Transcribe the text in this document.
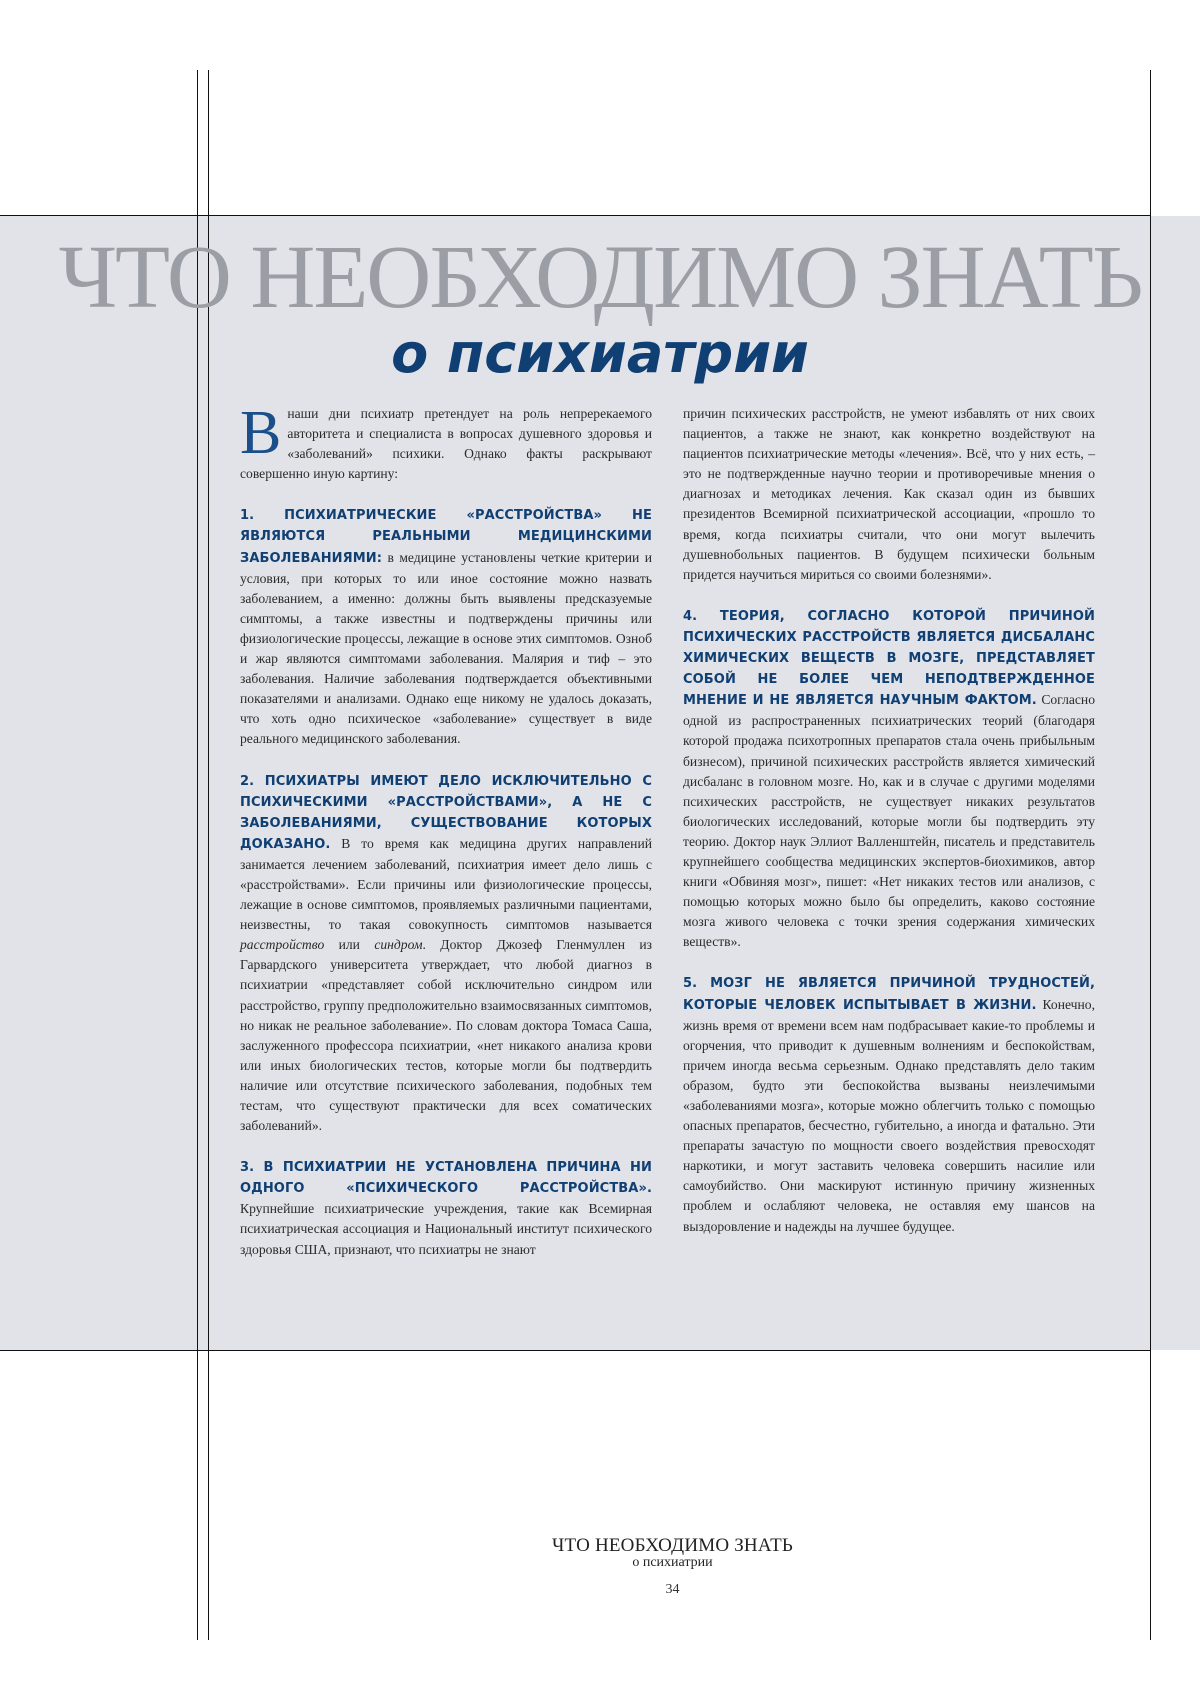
ЧТО НЕОБХОДИМО ЗНАТЬ
о психиатрии

Внаши дни психиатр претендует на роль непререкаемого авторитета и специалиста в вопросах душевного здоровья и «заболеваний» психики. Однако факты раскрывают совершенно иную картину:

1. ПСИХИАТРИЧЕСКИЕ «РАССТРОЙСТВА» НЕ ЯВЛЯЮТСЯ РЕАЛЬНЫМИ МЕДИЦИНСКИМИ ЗАБОЛЕВАНИЯМИ: в медицине установлены четкие критерии и условия, при которых то или иное состояние можно назвать заболеванием, а именно: должны быть выявлены предсказуемые симптомы, а также известны и подтверждены причины или физиологические процессы, лежащие в основе этих симптомов. Озноб и жар являются симптомами заболевания. Малярия и тиф – это заболевания. Наличие заболевания подтверждается объективными показателями и анализами. Однако еще никому не удалось доказать, что хоть одно психическое «заболевание» существует в виде реального медицинского заболевания.

2. ПСИХИАТРЫ ИМЕЮТ ДЕЛО ИСКЛЮЧИТЕЛЬНО С ПСИХИЧЕСКИМИ «РАССТРОЙСТВАМИ», А НЕ С ЗАБОЛЕВАНИЯМИ, СУЩЕСТВОВАНИЕ КОТОРЫХ ДОКАЗАНО. В то время как медицина других направлений занимается лечением заболеваний, психиатрия имеет дело лишь с «расстройствами». Если причины или физиологические процессы, лежащие в основе симптомов, проявляемых различными пациентами, неизвестны, то такая совокупность симптомов называется расстройство или синдром. Доктор Джозеф Гленмуллен из Гарвардского университета утверждает, что любой диагноз в психиатрии «представляет собой исключительно синдром или расстройство, группу предположительно взаимосвязанных симптомов, но никак не реальное заболевание». По словам доктора Томаса Саша, заслуженного профессора психиатрии, «нет никакого анализа крови или иных биологических тестов, которые могли бы подтвердить наличие или отсутствие психического заболевания, подобных тем тестам, что существуют практически для всех соматических заболеваний».

3. В ПСИХИАТРИИ НЕ УСТАНОВЛЕНА ПРИЧИНА НИ ОДНОГО «ПСИХИЧЕСКОГО РАССТРОЙСТВА». Крупнейшие психиатрические учреждения, такие как Всемирная психиатрическая ассоциация и Национальный институт психического здоровья США, признают, что психиатры не знают

причин психических расстройств, не умеют избавлять от них своих пациентов, а также не знают, как конкретно воздействуют на пациентов психиатрические методы «лечения». Всё, что у них есть, – это не подтвержденные научно теории и противоречивые мнения о диагнозах и методиках лечения. Как сказал один из бывших президентов Всемирной психиатрической ассоциации, «прошло то время, когда психиатры считали, что они могут вылечить душевнобольных пациентов. В будущем психически больным придется научиться мириться со своими болезнями».

4. ТЕОРИЯ, СОГЛАСНО КОТОРОЙ ПРИЧИНОЙ ПСИХИЧЕСКИХ РАССТРОЙСТВ ЯВЛЯЕТСЯ ДИСБАЛАНС ХИМИЧЕСКИХ ВЕЩЕСТВ В МОЗГЕ, ПРЕДСТАВЛЯЕТ СОБОЙ НЕ БОЛЕЕ ЧЕМ НЕПОДТВЕРЖДЕННОЕ МНЕНИЕ И НЕ ЯВЛЯЕТСЯ НАУЧНЫМ ФАКТОМ. Согласно одной из распространенных психиатрических теорий (благодаря которой продажа психотропных препаратов стала очень прибыльным бизнесом), причиной психических расстройств является химический дисбаланс в головном мозге. Но, как и в случае с другими моделями психических расстройств, не существует никаких результатов биологических исследований, которые могли бы подтвердить эту теорию. Доктор наук Эллиот Валленштейн, писатель и представитель крупнейшего сообщества медицинских экспертов-биохимиков, автор книги «Обвиняя мозг», пишет: «Нет никаких тестов или анализов, с помощью которых можно было бы определить, каково состояние мозга живого человека с точки зрения содержания химических веществ».

5. МОЗГ НЕ ЯВЛЯЕТСЯ ПРИЧИНОЙ ТРУДНОСТЕЙ, КОТОРЫЕ ЧЕЛОВЕК ИСПЫТЫВАЕТ В ЖИЗНИ. Конечно, жизнь время от времени всем нам подбрасывает какие-то проблемы и огорчения, что приводит к душевным волнениям и беспокойствам, причем иногда весьма серьезным. Однако представлять дело таким образом, будто эти беспокойства вызваны неизлечимыми «заболеваниями мозга», которые можно облегчить только с помощью опасных препаратов, бесчестно, губительно, а иногда и фатально. Эти препараты зачастую по мощности своего воздействия превосходят наркотики, и могут заставить человека совершить насилие или самоубийство. Они маскируют истинную причину жизненных проблем и ослабляют человека, не оставляя ему шансов на выздоровление и надежды на лучшее будущее.

ЧТО НЕОБХОДИМО ЗНАТЬ
о психиатрии
34
